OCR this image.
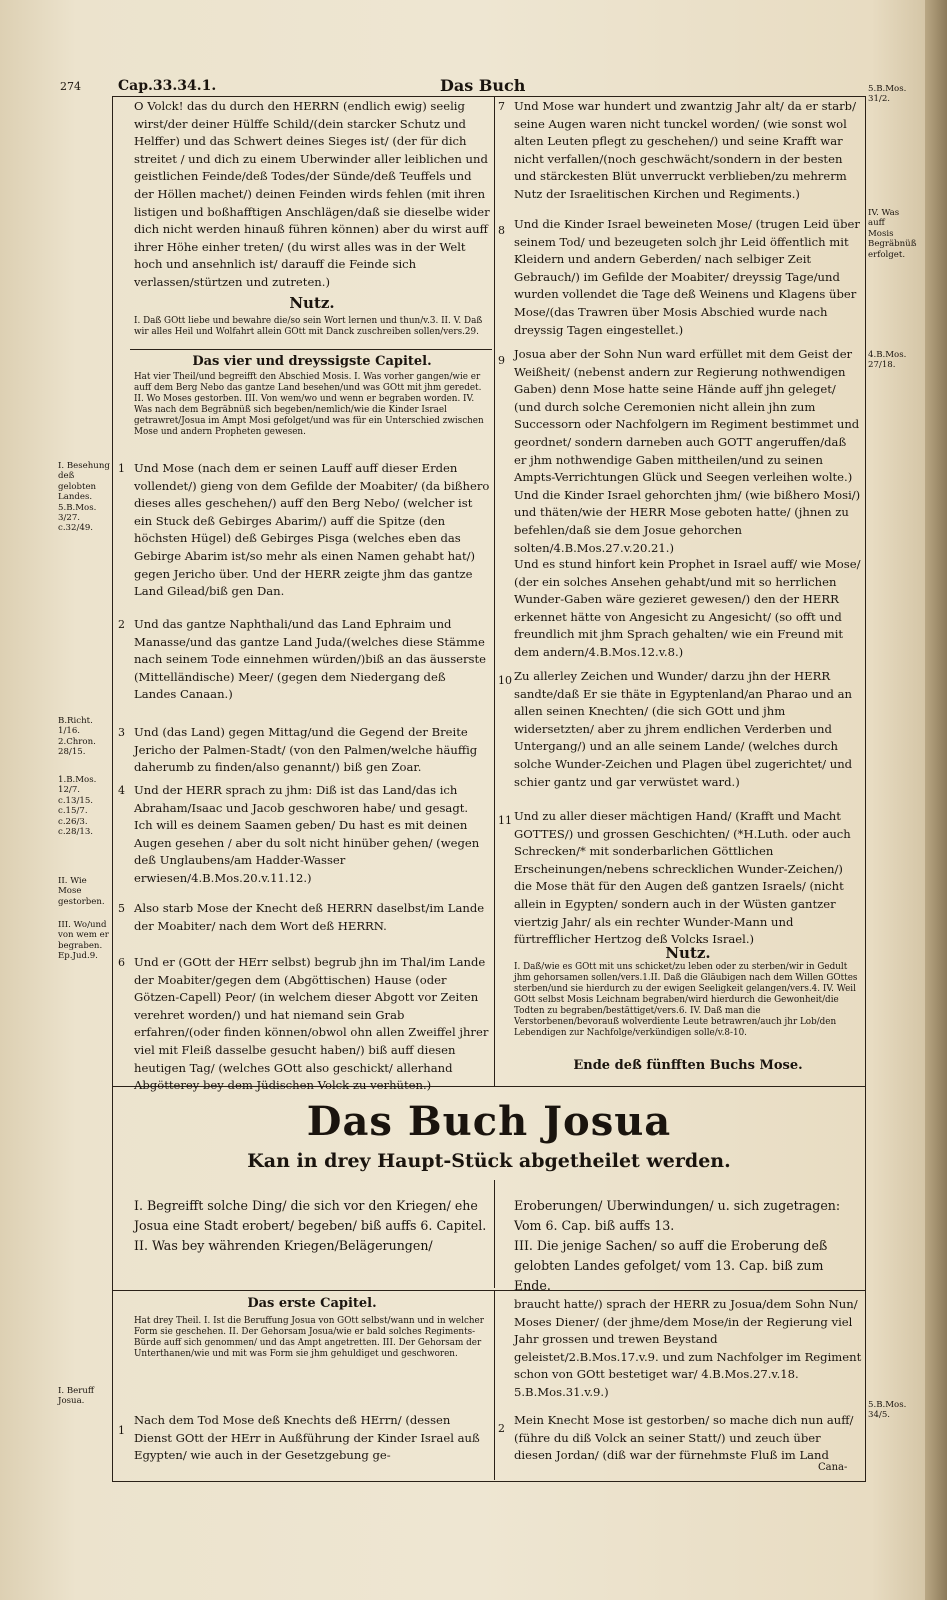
274	Cap.33.34.1.	Das Buch
I. Besehung deß gelobten Landes. 5.B.Mos. 3/27. c.32/49.
B.Richt. 1/16. 2.Chron. 28/15.
1.B.Mos. 12/7. c.13/15. c.15/7. c.26/3. c.28/13.
II. Wie Mose gestorben.
III. Wo/und von wem er begraben. Ep.Jud.9.
I. Beruff Josua.
5.B.Mos. 31/2.
IV. Was auff Mosis Begräbnüß erfolget.
4.B.Mos. 27/18.
5.B.Mos. 34/5.
O Volck! das du durch den HERRN (endlich ewig) seelig wirst/der deiner Hülffe Schild/(dein starcker Schutz und Helffer) und das Schwert deines Sieges ist/ (der für dich streitet / und dich zu einem Uberwinder aller leiblichen und geistlichen Feinde/deß Todes/der Sünde/deß Teuffels und der Höllen machet/) deinen Feinden wirds fehlen (mit ihren listigen und boßhafftigen Anschlägen/daß sie dieselbe wider dich nicht werden hinauß führen können) aber du wirst auff ihrer Höhe einher treten/ (du wirst alles was in der Welt hoch und ansehnlich ist/ darauff die Feinde sich verlassen/stürtzen und zutreten.)
Nutz.
I. Daß GOtt liebe und bewahre die/so sein Wort lernen und thun/v.3. II. V. Daß wir alles Heil und Wolfahrt allein GOtt mit Danck zuschreiben sollen/vers.29.
Das vier und dreyssigste Capitel.
Hat vier Theil/und begreifft den Abschied Mosis. I. Was vorher gangen/wie er auff dem Berg Nebo das gantze Land besehen/und was GOtt mit jhm geredet. II. Wo Moses gestorben. III. Von wem/wo und wenn er begraben worden. IV. Was nach dem Begräbnüß sich begeben/nemlich/wie die Kinder Israel getrawret/Josua im Ampt Mosi gefolget/und was für ein Unterschied zwischen Mose und andern Propheten gewesen.
1 Und Mose (nach dem er seinen Lauff auff dieser Erden vollendet/) gieng von dem Gefilde der Moabiter/ (da bißhero dieses alles geschehen/) auff den Berg Nebo/ (welcher ist ein Stuck deß Gebirges Abarim/) auff die Spitze (den höchsten Hügel) deß Gebirges Pisga (welches eben das Gebirge Abarim ist/so mehr als einen Namen gehabt hat/) gegen Jericho über. Und der HERR zeigte jhm das gantze Land Gilead/biß gen Dan.
2 Und das gantze Naphthali/und das Land Ephraim und Manasse/und das gantze Land Juda/(welches diese Stämme nach seinem Tode einnehmen würden/)biß an das äusserste (Mittelländische) Meer/ (gegen dem Niedergang deß Landes Canaan.)
3 Und (das Land) gegen Mittag/und die Gegend der Breite Jericho der Palmen-Stadt/ (von den Palmen/welche häuffig daherumb zu finden/also genannt/) biß gen Zoar.
4 Und der HERR sprach zu jhm: Diß ist das Land/das ich Abraham/Isaac und Jacob geschworen habe/ und gesagt. Ich will es deinem Saamen geben/ Du hast es mit deinen Augen gesehen / aber du solt nicht hinüber gehen/ (wegen deß Unglaubens/am Hadder-Wasser erwiesen/4.B.Mos.20.v.11.12.)
5 Also starb Mose der Knecht deß HERRN daselbst/im Lande der Moabiter/ nach dem Wort deß HERRN.
6 Und er (GOtt der HErr selbst) begrub jhn im Thal/im Lande der Moabiter/gegen dem (Abgöttischen) Hause (oder Götzen-Capell) Peor/ (in welchem dieser Abgott vor Zeiten verehret worden/) und hat niemand sein Grab erfahren/(oder finden können/obwol ohn allen Zweiffel jhrer viel mit Fleiß dasselbe gesucht haben/) biß auff diesen heutigen Tag/ (welches GOtt also geschickt/ allerhand Abgötterey bey dem Jüdischen Volck zu verhüten.)
7 Und Mose war hundert und zwantzig Jahr alt/ da er starb/ seine Augen waren nicht tunckel worden/ (wie sonst wol alten Leuten pflegt zu geschehen/) und seine Krafft war nicht verfallen/(noch geschwächt/sondern in der besten und stärckesten Blüt unverruckt verblieben/zu mehrerm Nutz der Israelitischen Kirchen und Regiments.)
8 Und die Kinder Israel beweineten Mose/ (trugen Leid über seinem Tod/ und bezeugeten solch jhr Leid öffentlich mit Kleidern und andern Geberden/ nach selbiger Zeit Gebrauch/) im Gefilde der Moabiter/ dreyssig Tage/und wurden vollendet die Tage deß Weinens und Klagens über Mose/(das Trawren über Mosis Abschied wurde nach dreyssig Tagen eingestellet.)
9 Josua aber der Sohn Nun ward erfüllet mit dem Geist der Weißheit/ (nebenst andern zur Regierung nothwendigen Gaben) denn Mose hatte seine Hände auff jhn geleget/ (und durch solche Ceremonien nicht allein jhn zum Successorn oder Nachfolgern im Regiment bestimmet und geordnet/ sondern darneben auch GOTT angeruffen/daß er jhm nothwendige Gaben mittheilen/und zu seinen Ampts-Verrichtungen Glück und Seegen verleihen wolte.) Und die Kinder Israel gehorchten jhm/ (wie bißhero Mosi/) und thäten/wie der HERR Mose geboten hatte/ (jhnen zu befehlen/daß sie dem Josue gehorchen solten/4.B.Mos.27.v.20.21.)
Und es stund hinfort kein Prophet in Israel auff/ wie Mose/ (der ein solches Ansehen gehabt/und mit so herrlichen Wunder-Gaben wäre gezieret gewesen/) den der HERR erkennet hätte von Angesicht zu Angesicht/ (so offt und freundlich mit jhm Sprach gehalten/ wie ein Freund mit dem andern/4.B.Mos.12.v.8.)
10 Zu allerley Zeichen und Wunder/ darzu jhn der HERR sandte/daß Er sie thäte in Egyptenland/an Pharao und an allen seinen Knechten/ (die sich GOtt und jhm widersetzten/ aber zu jhrem endlichen Verderben und Untergang/) und an alle seinem Lande/ (welches durch solche Wunder-Zeichen und Plagen übel zugerichtet/ und schier gantz und gar verwüstet ward.)
11 Und zu aller dieser mächtigen Hand/ (Krafft und Macht GOTTES/) und grossen Geschichten/ (*H.Luth. oder auch Schrecken/* mit sonderbarlichen Göttlichen Erscheinungen/nebens schrecklichen Wunder-Zeichen/) die Mose thät für den Augen deß gantzen Israels/ (nicht allein in Egypten/ sondern auch in der Wüsten gantzer viertzig Jahr/ als ein rechter Wunder-Mann und fürtrefflicher Hertzog deß Volcks Israel.)
Nutz.
I. Daß/wie es GOtt mit uns schicket/zu leben oder zu sterben/wir in Gedult jhm gehorsamen sollen/vers.1.II. Daß die Gläubigen nach dem Willen GOttes sterben/und sie hierdurch zu der ewigen Seeligkeit gelangen/vers.4. IV. Weil GOtt selbst Mosis Leichnam begraben/wird hierdurch die Gewonheit/die Todten zu begraben/bestättiget/vers.6. IV. Daß man die Verstorbenen/bevorauß wolverdiente Leute betrawren/auch jhr Lob/den Lebendigen zur Nachfolge/verkündigen solle/v.8-10.
Ende deß fünfften Buchs Mose.
Das Buch Josua
Kan in drey Haupt-Stück abgetheilet werden.
I. Begreifft solche Ding/ die sich vor den Kriegen/ ehe Josua eine Stadt erobert/ begeben/ biß auffs 6. Capitel.
II. Was bey währenden Kriegen/Belägerungen/
Eroberungen/ Uberwindungen/ u. sich zugetragen: Vom 6. Cap. biß auffs 13.
III. Die jenige Sachen/ so auff die Eroberung deß gelobten Landes gefolget/ vom 13. Cap. biß zum Ende.
Das erste Capitel.
Hat drey Theil. I. Ist die Beruffung Josua von GOtt selbst/wann und in welcher Form sie geschehen. II. Der Gehorsam Josua/wie er bald solches Regiments-Bürde auff sich genommen/ und das Ampt angetretten. III. Der Gehorsam der Unterthanen/wie und mit was Form sie jhm gehuldiget und geschworen.
1
Nach dem Tod Mose deß Knechts deß HErrn/ (dessen Dienst GOtt der HErr in Außführung der Kinder Israel auß Egypten/ wie auch in der Gesetzgebung ge-
braucht hatte/) sprach der HERR zu Josua/dem Sohn Nun/ Moses Diener/ (der jhme/dem Mose/in der Regierung viel Jahr grossen und trewen Beystand geleistet/2.B.Mos.17.v.9. und zum Nachfolger im Regiment schon von GOtt bestetiget war/ 4.B.Mos.27.v.18. 5.B.Mos.31.v.9.)
2
Mein Knecht Mose ist gestorben/ so mache dich nun auff/ (führe du diß Volck an seiner Statt/) und zeuch über diesen Jordan/ (diß war der fürnehmste Fluß im Land
Cana-
